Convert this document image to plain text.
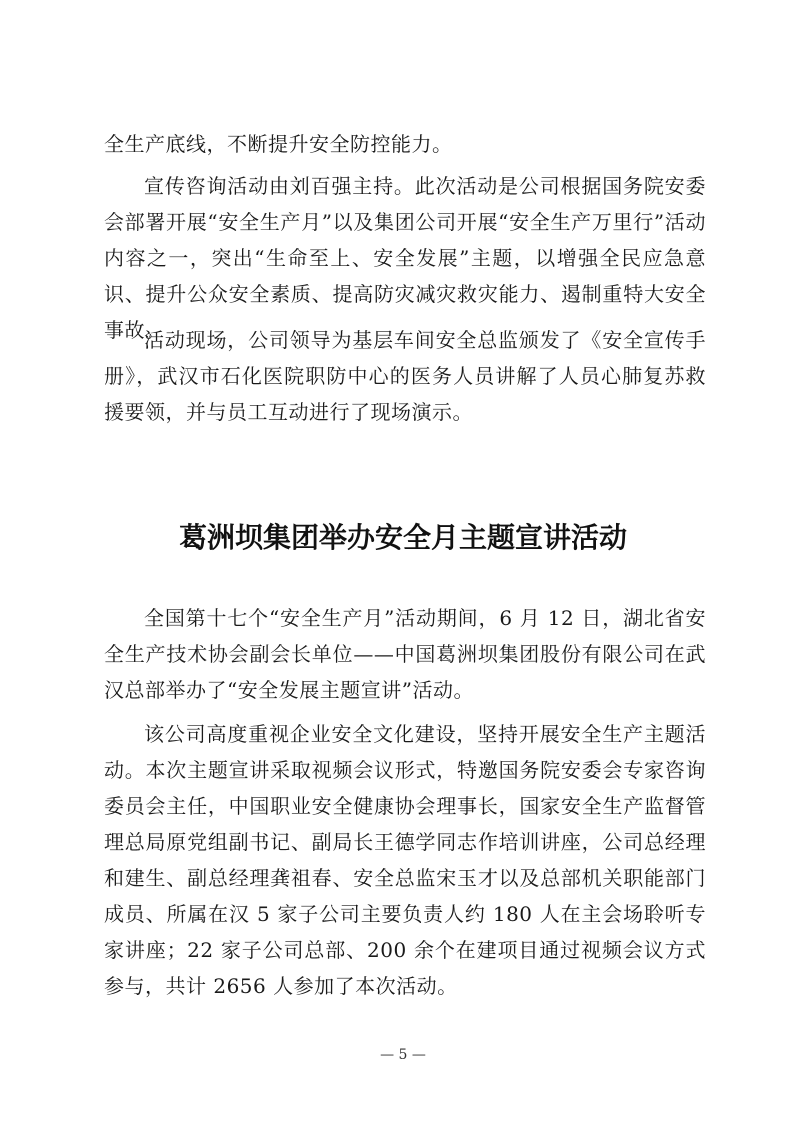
全生产底线，不断提升安全防控能力。

宣传咨询活动由刘百强主持。此次活动是公司根据国务院安委会部署开展“安全生产月”以及集团公司开展“安全生产万里行”活动内容之一，突出“生命至上、安全发展”主题，以增强全民应急意识、提升公众安全素质、提高防灾减灾救灾能力、遏制重特大安全事故。

活动现场，公司领导为基层车间安全总监颁发了《安全宣传手册》，武汉市石化医院职防中心的医务人员讲解了人员心肺复苏救援要领，并与员工互动进行了现场演示。

葛洲坝集团举办安全月主题宣讲活动

全国第十七个“安全生产月”活动期间，6 月 12 日，湖北省安全生产技术协会副会长单位——中国葛洲坝集团股份有限公司在武汉总部举办了“安全发展主题宣讲”活动。

该公司高度重视企业安全文化建设，坚持开展安全生产主题活动。本次主题宣讲采取视频会议形式，特邀国务院安委会专家咨询委员会主任，中国职业安全健康协会理事长，国家安全生产监督管理总局原党组副书记、副局长王德学同志作培训讲座，公司总经理和建生、副总经理龚祖春、安全总监宋玉才以及总部机关职能部门成员、所属在汉 5 家子公司主要负责人约 180 人在主会场聆听专家讲座；22 家子公司总部、200 余个在建项目通过视频会议方式参与，共计 2656 人参加了本次活动。

— 5 —
